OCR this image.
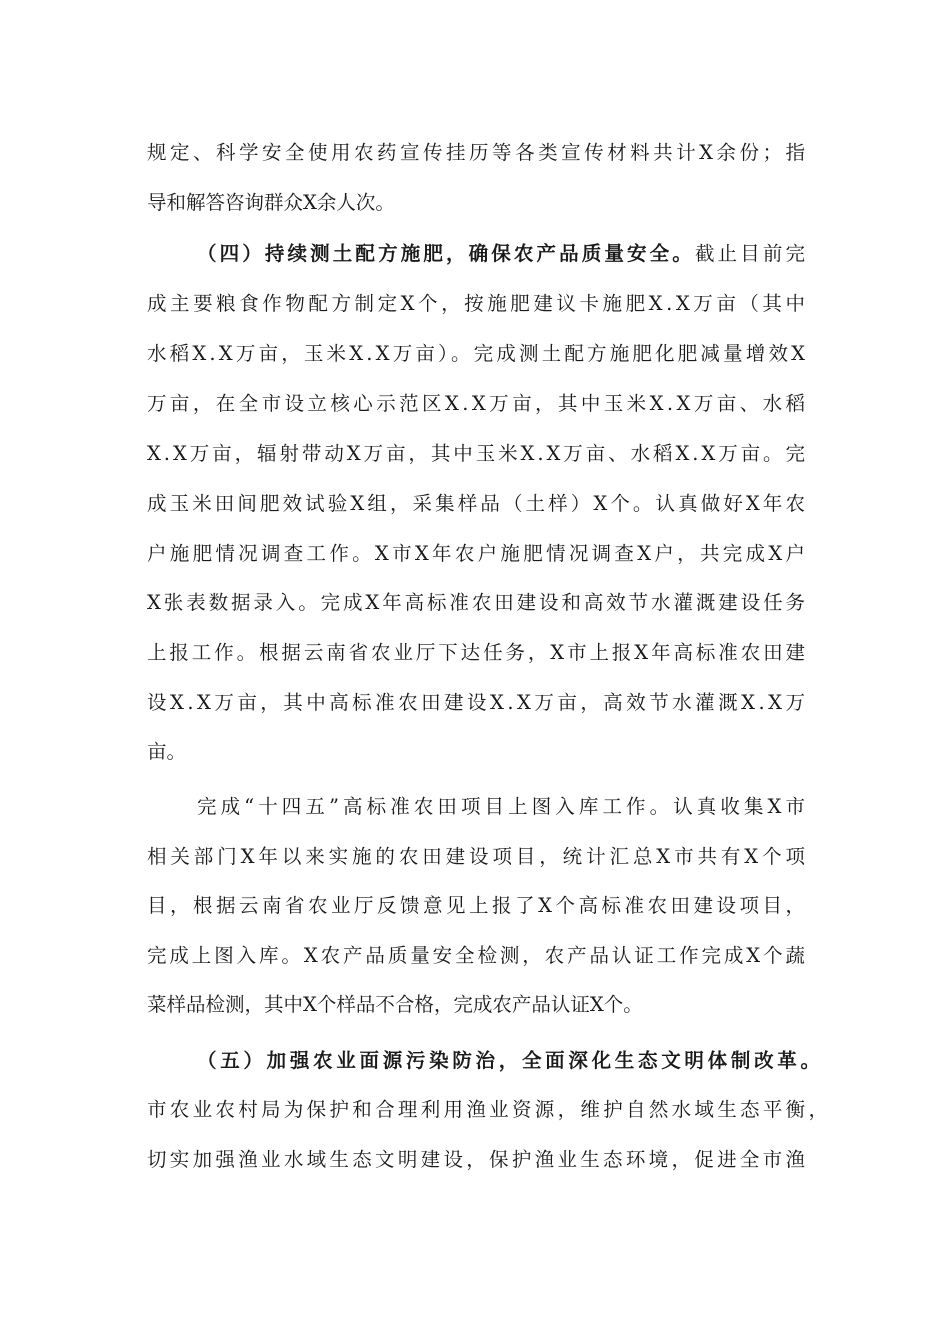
规定、科学安全使用农药宣传挂历等各类宣传材料共计X余份；指
导和解答咨询群众X余人次。
（四）持续测土配方施肥，确保农产品质量安全。截止目前完
成主要粮食作物配方制定X个，按施肥建议卡施肥X.X万亩（其中
水稻X.X万亩，玉米X.X万亩）。完成测土配方施肥化肥减量增效X
万亩，在全市设立核心示范区X.X万亩，其中玉米X.X万亩、水稻
X.X万亩，辐射带动X万亩，其中玉米X.X万亩、水稻X.X万亩。完
成玉米田间肥效试验X组，采集样品（土样）X个。认真做好X年农
户施肥情况调查工作。X市X年农户施肥情况调查X户，共完成X户
X张表数据录入。完成X年高标准农田建设和高效节水灌溉建设任务
上报工作。根据云南省农业厅下达任务，X市上报X年高标准农田建
设X.X万亩，其中高标准农田建设X.X万亩，高效节水灌溉X.X万
亩。
完成“十四五”高标准农田项目上图入库工作。认真收集X市
相关部门X年以来实施的农田建设项目，统计汇总X市共有X个项
目，根据云南省农业厅反馈意见上报了X个高标准农田建设项目，
完成上图入库。X农产品质量安全检测，农产品认证工作完成X个蔬
菜样品检测，其中X个样品不合格，完成农产品认证X个。
（五）加强农业面源污染防治，全面深化生态文明体制改革。
市农业农村局为保护和合理利用渔业资源，维护自然水域生态平衡，
切实加强渔业水域生态文明建设，保护渔业生态环境，促进全市渔
